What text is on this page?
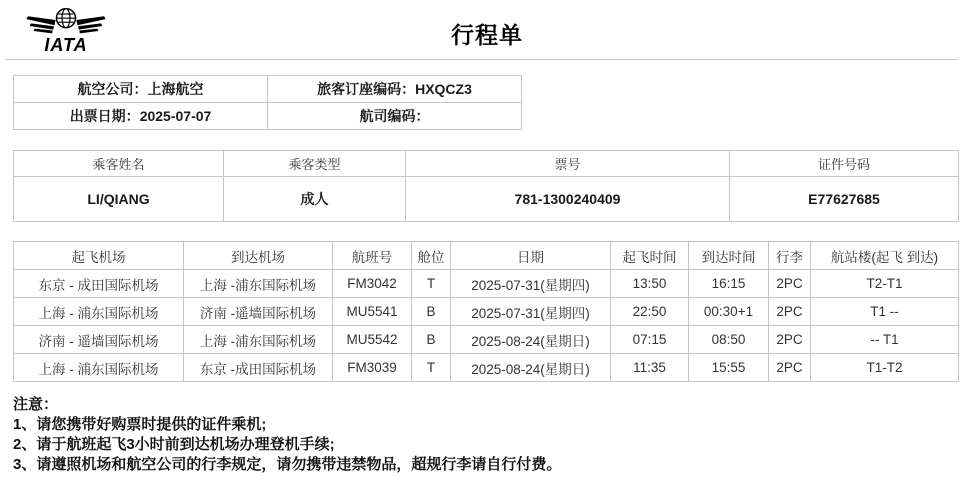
IATA	行程单
航空公司：上海航空	旅客订座编码：HXQCZ3
出票日期：2025-07-07	航司编码：
乘客姓名	乘客类型	票号	证件号码
LI/QIANG	成人	781-1300240409	E77627685
起飞机场	到达机场	航班号	舱位	日期	起飞时间	到达时间	行李	航站楼(起飞 到达)
东京 - 成田国际机场	上海 -浦东国际机场	FM3042	T	2025-07-31(星期四)	13:50	16:15	2PC	T2-T1
上海 - 浦东国际机场	济南 -遥墙国际机场	MU5541	B	2025-07-31(星期四)	22:50	00:30+1	2PC	T1 --
济南 - 遥墙国际机场	上海 -浦东国际机场	MU5542	B	2025-08-24(星期日)	07:15	08:50	2PC	-- T1
上海 - 浦东国际机场	东京 -成田国际机场	FM3039	T	2025-08-24(星期日)	11:35	15:55	2PC	T1-T2
注意：
1、请您携带好购票时提供的证件乘机;
2、请于航班起飞3小时前到达机场办理登机手续;
3、请遵照机场和航空公司的行李规定，请勿携带违禁物品，超规行李请自行付费。
